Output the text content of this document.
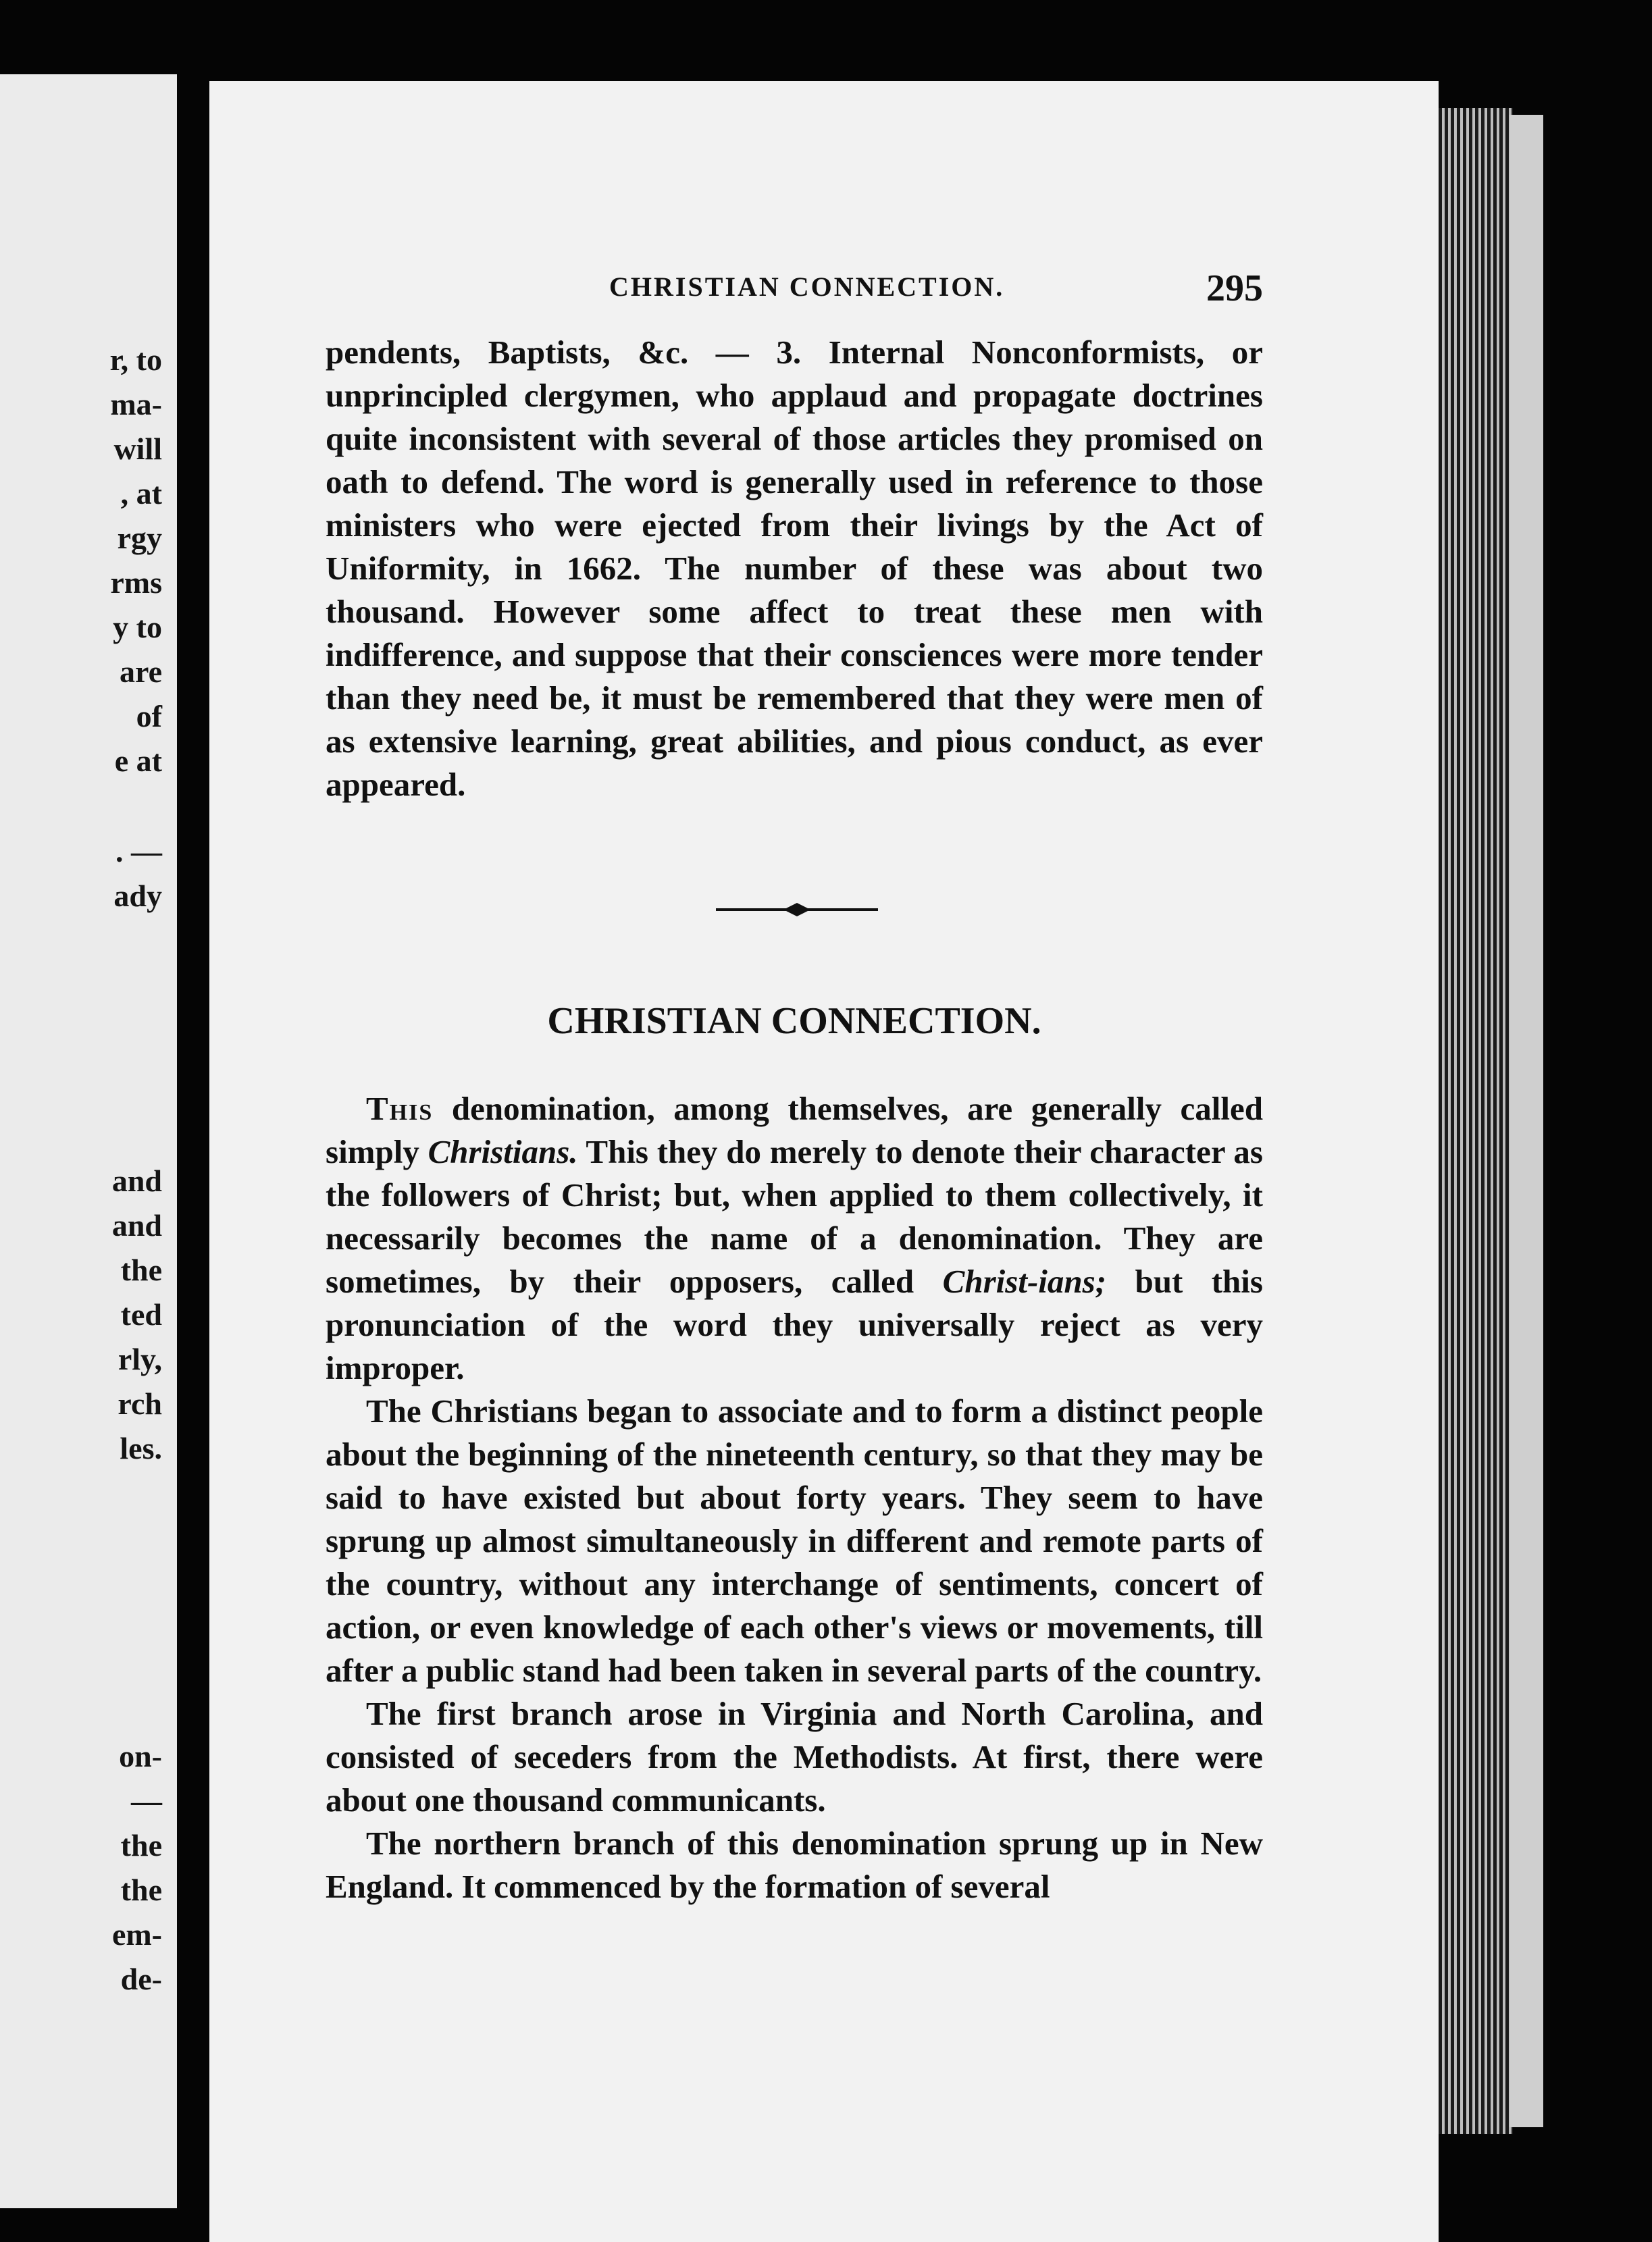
r, to
ma-
will
, at
rgy
rms
y to
are
of
e at
. —
ady
and
and
the
ted
rly,
rch
les.
on-
—
the
the
em-
de-
CHRISTIAN CONNECTION.	295

pendents, Baptists, &c. — 3. Internal Nonconformists, or unprincipled clergymen, who applaud and propagate doctrines quite inconsistent with several of those articles they promised on oath to defend. The word is generally used in reference to those ministers who were ejected from their livings by the Act of Uniformity, in 1662. The number of these was about two thousand. However some affect to treat these men with indifference, and suppose that their consciences were more tender than they need be, it must be remembered that they were men of as extensive learning, great abilities, and pious conduct, as ever appeared.

CHRISTIAN CONNECTION.

This denomination, among themselves, are generally called simply Christians. This they do merely to denote their character as the followers of Christ; but, when applied to them collectively, it necessarily becomes the name of a denomination. They are sometimes, by their opposers, called Christ-ians; but this pronunciation of the word they universally reject as very improper.

The Christians began to associate and to form a distinct people about the beginning of the nineteenth century, so that they may be said to have existed but about forty years. They seem to have sprung up almost simultaneously in different and remote parts of the country, without any interchange of sentiments, concert of action, or even knowledge of each other's views or movements, till after a public stand had been taken in several parts of the country.

The first branch arose in Virginia and North Carolina, and consisted of seceders from the Methodists. At first, there were about one thousand communicants.

The northern branch of this denomination sprung up in New England. It commenced by the formation of several
